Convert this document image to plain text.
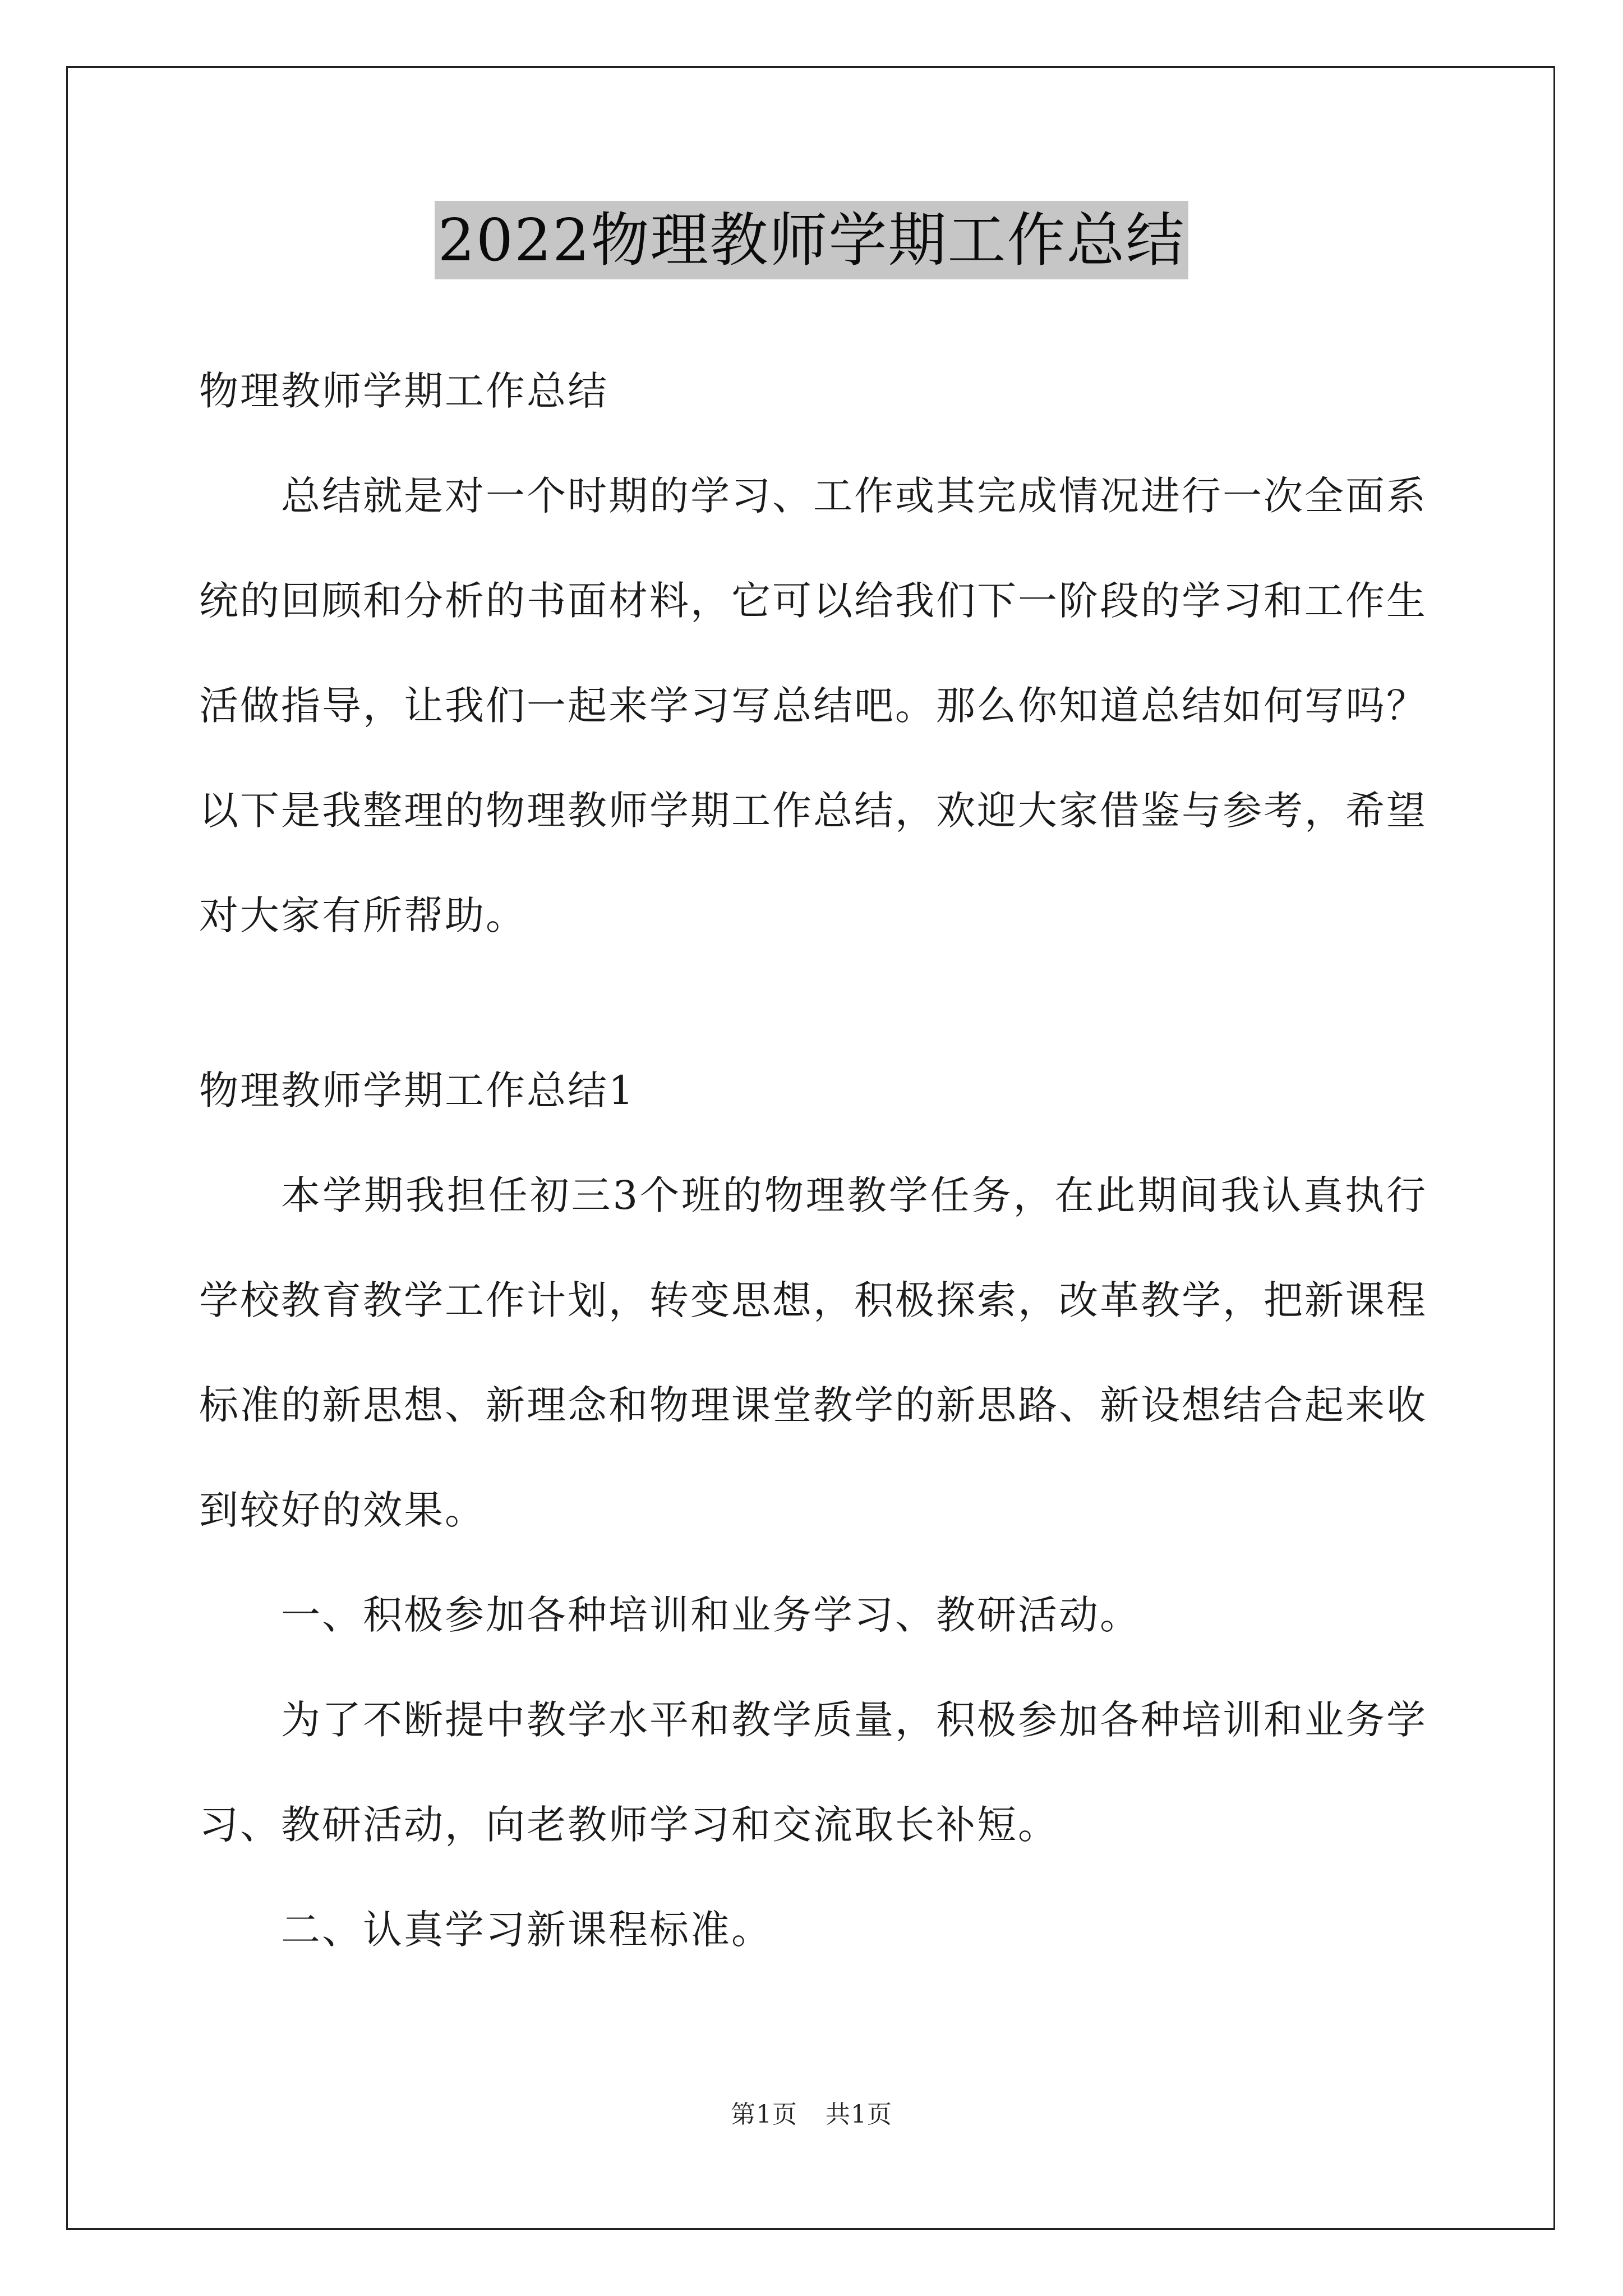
2022物理教师学期工作总结

物理教师学期工作总结

总结就是对一个时期的学习、工作或其完成情况进行一次全面系统的回顾和分析的书面材料，它可以给我们下一阶段的学习和工作生活做指导，让我们一起来学习写总结吧。那么你知道总结如何写吗？以下是我整理的物理教师学期工作总结，欢迎大家借鉴与参考，希望对大家有所帮助。

物理教师学期工作总结1

本学期我担任初三3个班的物理教学任务，在此期间我认真执行学校教育教学工作计划，转变思想，积极探索，改革教学，把新课程标准的新思想、新理念和物理课堂教学的新思路、新设想结合起来收到较好的效果。

一、积极参加各种培训和业务学习、教研活动。

为了不断提中教学水平和教学质量，积极参加各种培训和业务学习、教研活动，向老教师学习和交流取长补短。

二、认真学习新课程标准。

第1页 共1页
